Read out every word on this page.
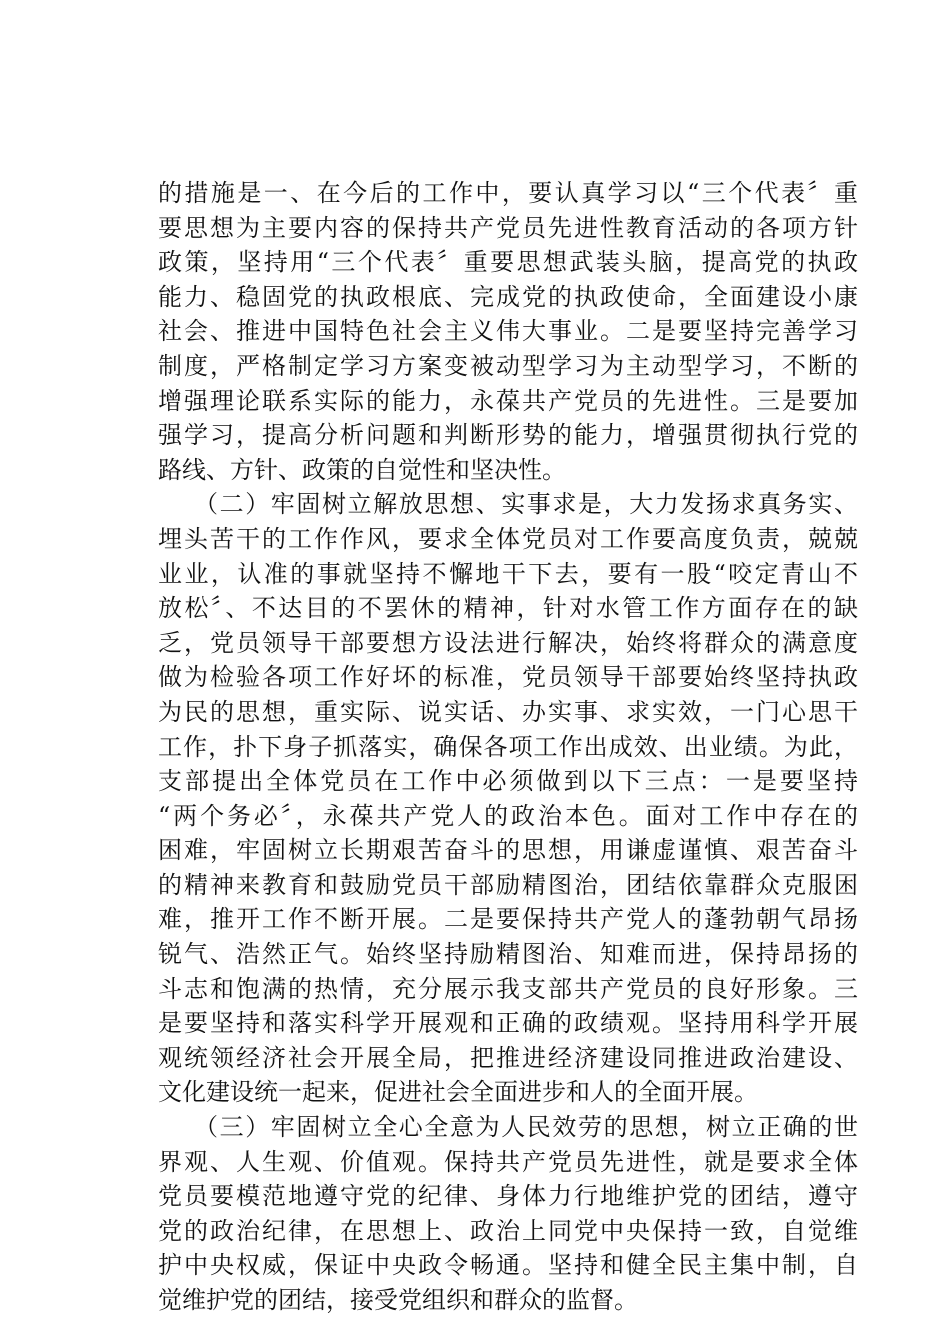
的措施是一、在今后的工作中，要认真学习以“三个代表〞重
要思想为主要内容的保持共产党员先进性教育活动的各项方针
政策，坚持用“三个代表〞重要思想武装头脑，提高党的执政
能力、稳固党的执政根底、完成党的执政使命，全面建设小康
社会、推进中国特色社会主义伟大事业。二是要坚持完善学习
制度，严格制定学习方案变被动型学习为主动型学习，不断的
增强理论联系实际的能力，永葆共产党员的先进性。三是要加
强学习，提高分析问题和判断形势的能力，增强贯彻执行党的
路线、方针、政策的自觉性和坚决性。
（二）牢固树立解放思想、实事求是，大力发扬求真务实、
埋头苦干的工作作风，要求全体党员对工作要高度负责，兢兢
业业，认准的事就坚持不懈地干下去，要有一股“咬定青山不
放松〞、不达目的不罢休的精神，针对水管工作方面存在的缺
乏，党员领导干部要想方设法进行解决，始终将群众的满意度
做为检验各项工作好坏的标准，党员领导干部要始终坚持执政
为民的思想，重实际、说实话、办实事、求实效，一门心思干
工作，扑下身子抓落实，确保各项工作出成效、出业绩。为此，
支部提出全体党员在工作中必须做到以下三点：一是要坚持
“两个务必〞，永葆共产党人的政治本色。面对工作中存在的
困难，牢固树立长期艰苦奋斗的思想，用谦虚谨慎、艰苦奋斗
的精神来教育和鼓励党员干部励精图治，团结依靠群众克服困
难，推开工作不断开展。二是要保持共产党人的蓬勃朝气昂扬
锐气、浩然正气。始终坚持励精图治、知难而进，保持昂扬的
斗志和饱满的热情，充分展示我支部共产党员的良好形象。三
是要坚持和落实科学开展观和正确的政绩观。坚持用科学开展
观统领经济社会开展全局，把推进经济建设同推进政治建设、
文化建设统一起来，促进社会全面进步和人的全面开展。
（三）牢固树立全心全意为人民效劳的思想，树立正确的世
界观、人生观、价值观。保持共产党员先进性，就是要求全体
党员要模范地遵守党的纪律、身体力行地维护党的团结，遵守
党的政治纪律，在思想上、政治上同党中央保持一致，自觉维
护中央权威，保证中央政令畅通。坚持和健全民主集中制，自
觉维护党的团结，接受党组织和群众的监督。
